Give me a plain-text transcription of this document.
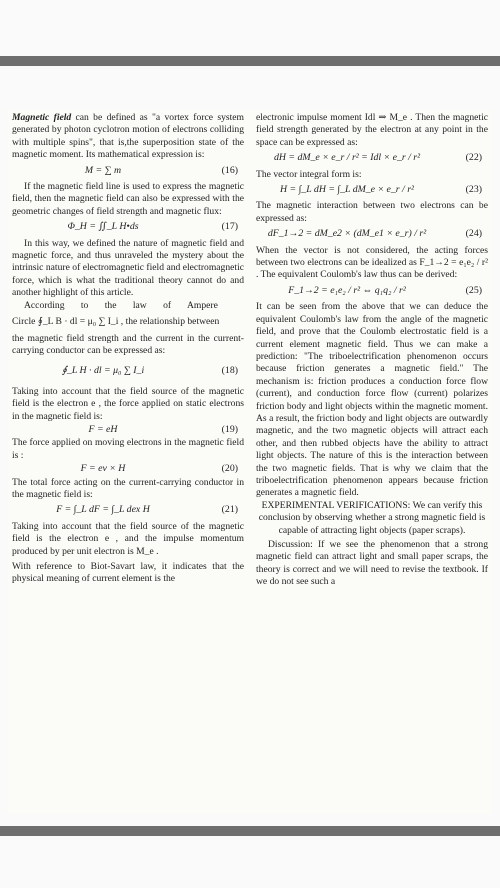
Magnetic field can be defined as "a vortex force system generated by photon cyclotron motion of electrons colliding with multiple spins", that is,the superposition state of the magnetic moment. Its mathematical expression is:

M = ∑ m	(16)

If the magnetic field line is used to express the magnetic field, then the magnetic field can also be expressed with the geometric changes of field strength and magnetic flux:

Φ_H = ∬_L H•ds	(17)

In this way, we defined the nature of magnetic field and magnetic force, and thus unraveled the mystery about the intrinsic nature of electromagnetic field and electromagnetic force, which is what the traditional theory cannot do and another highlight of this article.

According to the law of Ampere

Circle ∮_L B · dl = μ₀ ∑ I_i , the relationship between

the magnetic field strength and the current in the current-carrying conductor can be expressed as:

∮_L H · dl = μ₀ ∑ I_i	(18)

Taking into account that the field source of the magnetic field is the electron e , the force applied on static electrons in the magnetic field is:

F = eH	(19)

The force applied on moving electrons in the magnetic field is :

F = ev × H	(20)

The total force acting on the current-carrying conductor in the magnetic field is:

F = ∫_L dF = ∫_L dex H	(21)

Taking into account that the field source of the magnetic field is the electron e , and the impulse momentum produced by per unit electron is M_e .

With reference to Biot-Savart law, it indicates that the physical meaning of current element is the

electronic impulse moment Idl ⇒ M_e . Then the magnetic field strength generated by the electron at any point in the space can be expressed as:

dH = dM_e × e_r / r² = Idl × e_r / r²	(22)

The vector integral form is:

H = ∫_L dH = ∫_L dM_e × e_r / r²	(23)

The magnetic interaction between two electrons can be expressed as:

dF_1→2 = dM_e2 × (dM_e1 × e_r) / r²	(24)

When the vector is not considered, the acting forces between two electrons can be idealized as F_1→2 = e₁e₂ / r² . The equivalent Coulomb's law thus can be derived:

F_1→2 = e₁e₂ / r² ⇔ q₁q₂ / r²	(25)

It can be seen from the above that we can deduce the equivalent Coulomb's law from the angle of the magnetic field, and prove that the Coulomb electrostatic field is a current element magnetic field. Thus we can make a prediction: "The triboelectrification phenomenon occurs because friction generates a magnetic field." The mechanism is: friction produces a conduction force flow (current), and conduction force flow (current) polarizes friction body and light objects within the magnetic moment. As a result, the friction body and light objects are outwardly magnetic, and the two magnetic objects will attract each other, and then rubbed objects have the ability to attract light objects. The nature of this is the interaction between the two magnetic fields. That is why we claim that the triboelectrification phenomenon appears because friction generates a magnetic field.

EXPERIMENTAL VERIFICATIONS: We can verify this conclusion by observing whether a strong magnetic field is capable of attracting light objects (paper scraps).

Discussion: If we see the phenomenon that a strong magnetic field can attract light and small paper scraps, the theory is correct and we will need to revise the textbook. If we do not see such a
